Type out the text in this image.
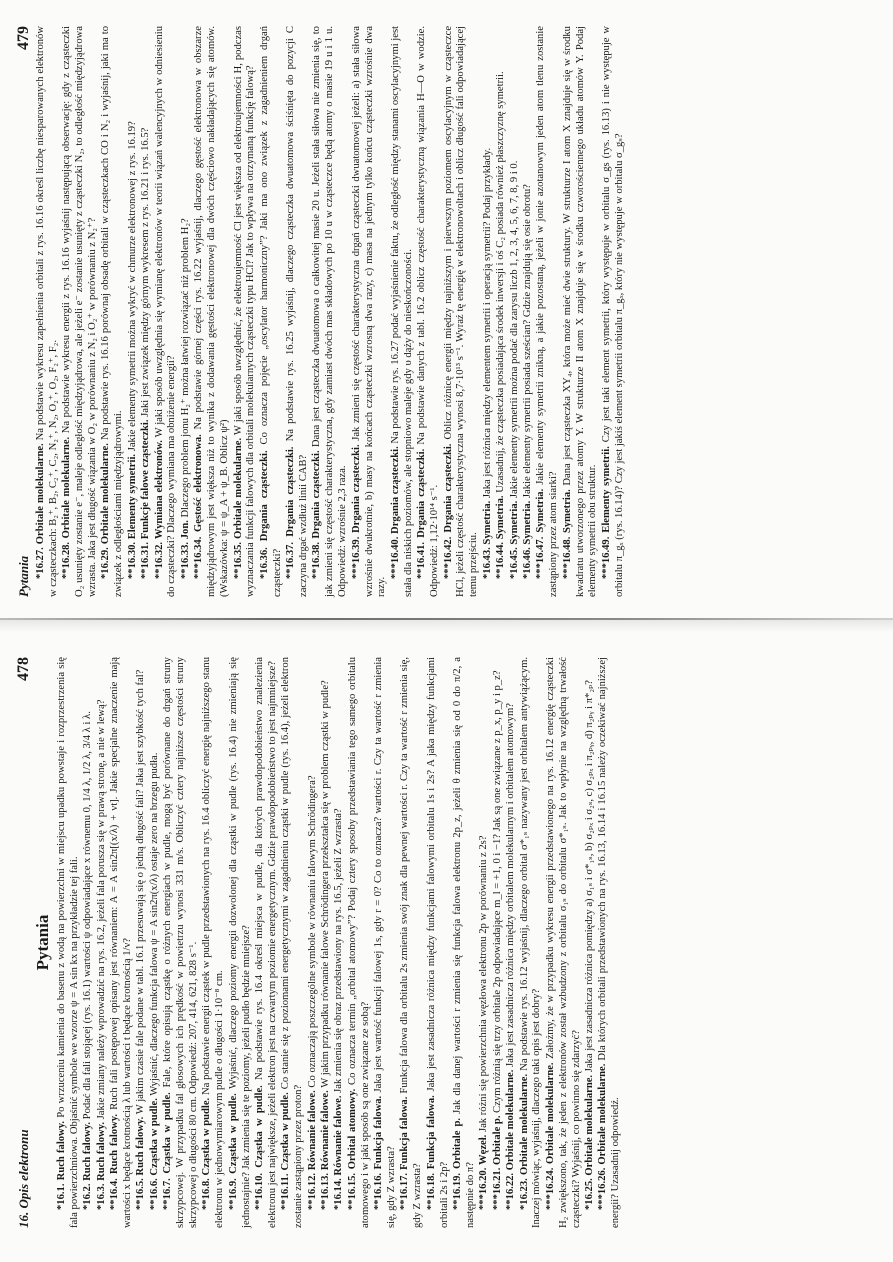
Pytania
479

*16.27. Orbitale molekularne. Na podstawie wykresu zapełnienia orbitali z rys. 16.16 określ liczbę niesparowanych elektronów w cząsteczkach: B₂⁺, B₂, C₂⁺, C₂, N₂⁺, N₂, O₂⁺, O₂, F₂⁺, F₂. **16.28. Orbitale molekularne. Na podstawie wykresu energii z rys. 16.16 wyjaśnij następującą obserwację: gdy z cząsteczki O₂ usunięty zostanie e⁻, maleje odległość międzyjądrowa, ale jeżeli e⁻ zostanie usunięty z cząsteczki N₂, to odległość międzyjądrowa wzrasta. Jaka jest długość wiązania w O₂ w porównaniu z N₂ i O₂⁺ w porównaniu z N₂⁺? *16.29. Orbitale molekularne. Na podstawie rys. 16.16 porównaj obsadę orbitali w cząsteczkach CO i N₂ i wyjaśnij, jaki ma to związek z odległościami międzyjądrowymi. **16.30. Elementy symetrii. Jakie elementy symetrii można wykryć w chmurze elektronowej z rys. 16.19?

**16.31. Funkcje falowe cząsteczki. Jaki jest związek między górnym wykresem z rys. 16.21 i rys. 16.5?

**16.32. Wymiana elektronów. W jaki sposób uwzględnia się wymianę elektronów w teorii wiązań walencyjnych w odniesieniu do cząsteczki? Dlaczego wymiana ma obniżenie energii? **16.33. Jon. Dlaczego problem jonu H₂⁺ można łatwiej rozwiązać niż problem H₂?

***16.34. Gęstość elektronowa. Na podstawie górnej części rys. 16.22 wyjaśnij, dlaczego gęstość elektronowa w obszarze międzyjądrowym jest większa niż to wynika z dodawania gęstości elektronowej dla dwóch częściowo nakładających się atomów. (Wskazówka: ψ = ψ_A + ψ_B. Oblicz ψ²) **16.35. Orbitale molekularne. W jaki sposób uwzględnić, że elektroujemność Cl jest większa od elektroujemności H, podczas wyznaczania funkcji falowych dla orbitali molekularnych cząsteczki typu HCl? Jak to wpływa na otrzymaną funkcję falową? *16.36. Drgania cząsteczki. Co oznacza pojęcie „oscylator harmoniczny”? Jaki ma ono związek z zagadnieniem drgań cząsteczki? **16.37. Drgania cząsteczki. Na podstawie rys. 16.25 wyjaśnij, dlaczego cząsteczka dwuatomowa ściśnięta do pozycji C zaczyna drgać wzdłuż linii CAB? **16.38. Drgania cząsteczki. Dana jest cząsteczka dwuatomowa o całkowitej masie 20 u. Jeżeli stała siłowa nie zmienia się, to jak zmieni się częstość charakterystyczna, gdy zamiast dwóch mas składowych po 10 u w cząsteczce będą atomy o masie 19 u i 1 u. Odpowiedź: wzrośnie 2,3 raza. ***16.39. Drgania cząsteczki. Jak zmieni się częstość charakterystyczna drgań cząsteczki dwuatomowej jeżeli: a) stała siłowa wzrośnie dwukrotnie, b) masy na końcach cząsteczki wzrosną dwa razy, c) masa na jednym tylko końcu cząsteczki wzrośnie dwa razy.

***16.40. Drgania cząsteczki. Na podstawie rys. 16.27 podać wyjaśnienie faktu, że odległość między stanami oscylacyjnymi jest stała dla niskich poziomów, ale stopniowo maleje gdy υ dąży do nieskończoności. **16.41. Drgania cząsteczki. Na podstawie danych z tabl. 16.2 oblicz częstość charakterystyczną wiązania H—O w wodzie. Odpowiedź: 1,12·10¹⁴ s⁻¹. ***16.42. Drgania cząsteczki. Oblicz różnicę energii między najniższym i pierwszym poziomem oscylacyjnym w cząsteczce HCl, jeżeli częstość charakterystyczna wynosi 8,7·10¹³ s⁻¹. Wyraź tę energię w elektronowoltach i oblicz długość fali odpowiadającej temu przejściu. *16.43. Symetria. Jaka jest różnica między elementem symetrii i operacją symetrii? Podaj przykłady.

**16.44. Symetria. Uzasadnij, że cząsteczka posiadająca środek inwersji i oś C₂ posiada również płaszczyznę symetrii.

*16.45. Symetria. Jakie elementy symetrii można podać dla zarysu liczb 1, 2, 3, 4, 5, 6, 7, 8, 9 i 0.

*16.46. Symetria. Jakie elementy symetrii posiada sześcian? Gdzie znajdują się osie obrotu?

***16.47. Symetria. Jakie elementy symetrii znikną, a jakie pozostaną, jeżeli w jonie azotanowym jeden atom tlenu zostanie zastąpiony przez atom siarki? ***16.48. Symetria. Dana jest cząsteczka XY₄, która może mieć dwie struktury. W strukturze I atom X znajduje się w środku kwadratu utworzonego przez atomy Y. W strukturze II atom X znajduje się w środku czworościennego układu atomów Y. Podaj elementy symetrii obu struktur. ***16.49. Elementy symetrii. Czy jest taki element symetrii, który występuje w orbitalu σ_gs (rys. 16.13) i nie występuje w orbitalu π_gₓ (rys. 16.14)? Czy jest jakiś element symetrii orbitalu π_gₓ, który nie występuje w orbitalu σ_gₛ?

16. Opis elektronu
478
Pytania

*16.1. Ruch falowy. Po wrzuceniu kamienia do basenu z wodą na powierzchni w miejscu upadku powstaje i rozprzestrzenia się fala powierzchniowa. Objaśnić symbole we wzorze ψ = A sin kx na przykładzie tej fali. *16.2. Ruch falowy. Podać dla fali stojącej (rys. 16.1) wartości ψ odpowiadające x równemu 0, 1/4 λ, 1/2 λ, 3/4 λ i λ.

*16.3. Ruch falowy. Jakie zmiany należy wprowadzić na rys. 16.2, jeżeli fala porusza się w prawą stronę, a nie w lewą?

**16.4. Ruch falowy. Ruch fali postępowej opisany jest równaniem: A = A sin2π[(x/λ) + νt]. Jakie specjalne znaczenie mają wartości x będące krotnością λ lub wartości t będące krotnością 1/ν? **16.5. Ruch falowy. W jakim czasie fale podane w tabl. 16.1 przesuwają się o jedną długość fali? Jaka jest szybkość tych fal?

**16.6. Cząstka w pudle. Wyjaśnić, dlaczego funkcja falowa ψ = A sin2π(x/λ) ostaje zero na brzegu pudła.

**16.7. Cząstka w pudle. Fale, które opisują cząstkę o różnych energiach w pudle, mogą być porównane do drgań struny skrzypcowej. W przypadku fal głosowych ich prędkość w powietrzu wynosi 331 m/s. Obliczyć cztery najniższe częstości struny skrzypcowej o długości 80 cm. Odpowiedź: 207, 414, 621, 828 s⁻¹. **16.8. Cząstka w pudle. Na podstawie energii cząstek w pudle przedstawionych na rys. 16.4 obliczyć energię najniższego stanu elektronu w jednowymiarowym pudle o długości 1·10⁻⁸ cm. **16.9. Cząstka w pudle. Wyjaśnić, dlaczego poziomy energii dozwolonej dla cząstki w pudle (rys. 16.4) nie zmieniają się jednostajnie? Jak zmienia się te poziomy, jeżeli pudło będzie mniejsze? **16.10. Cząstka w pudle. Na podstawie rys. 16.4 określ miejsca w pudle, dla których prawdopodobieństwo znalezienia elektronu jest największe, jeżeli elektron jest na czwartym poziomie energetycznym. Gdzie prawdopodobieństwo to jest najmniejsze? **16.11. Cząstka w pudle. Co stanie się z poziomami energetycznymi w zagadnieniu cząstki w pudle (rys. 16.4), jeżeli elektron zostanie zastąpiony przez proton? **16.12. Równanie falowe. Co oznaczają poszczególne symbole w równaniu falowym Schrödingera?

**16.13. Równanie falowe. W jakim przypadku równanie falowe Schrödingera przekształca się w problem cząstki w pudle?

*16.14. Równanie falowe. Jak zmienia się obraz przedstawiony na rys. 16.5, jeżeli Z wzrasta?

**16.15. Orbital atomowy. Co oznacza termin „orbital atomowy”? Podaj cztery sposoby przedstawiania tego samego orbitalu atomowego i w jaki sposób są one związane ze sobą? **16.16. Funkcja falowa. Jaka jest wartość funkcji falowej 1s, gdy r = 0? Co to oznacza? wartości r. Czy ta wartość r zmienia się, gdy Z wzrasta? **16.17. Funkcja falowa. Funkcja falowa dla orbitalu 2s zmienia swój znak dla pewnej wartości r. Czy ta wartość r zmienia się, gdy Z wzrasta? **16.18. Funkcja falowa. Jaka jest zasadnicza różnica między funkcjami falowymi orbitalu 1s i 2s? A jaka między funkcjami orbitali 2s i 2p? **16.19. Orbitale p. Jak dla danej wartości r zmienia się funkcja falowa elektronu 2p_z, jeżeli θ zmienia się od 0 do π/2, a następnie do π? ***16.20. Węzeł. Jak różni się powierzchnia węzłowa elektronu 2p w porównaniu z 2s?

***16.21. Orbitale p. Czym różnią się trzy orbitale 2p odpowiadające m_l = +1, 0 i −1? Jak są one związane z p_x, p_y i p_z?

**16.22. Orbitale molekularne. Jaka jest zasadnicza różnica między orbitalem molekularnym i orbitalem atomowym?

*16.23. Orbitale molekularne. Na podstawie rys. 16.12 wyjaśnij, dlaczego orbital σ*₁ₛ nazywany jest orbitalem antywiążącym. Inaczej mówiąc, wyjaśnij, dlaczego taki opis jest dobry? ***16.24. Orbitale molekularne. Założmy, że w przypadku wykresu energii przedstawionego na rys. 16.12 energię cząsteczki H₂ zwiększono, tak, że jeden z elektronów został wzbudzony z orbitalu σ₁ₛ do orbitalu σ*₁ₛ. Jak to wpłynie na względną trwałość cząsteczki? Wyjaśnij, co powinno się zdarzyć? *16.25. Orbitale molekularne. Jaka jest zasadnicza różnica pomiędzy a) σ₁ₛ i σ*₁ₛ, b) σ₂ₚₓ i σ₂ₛ, c) σ₂ₚₓ i π₂ₚᵧ, d) π₂ₚᵧ i π*₂ₚ?

***16.26. Orbitale molekularne. Dla których orbitali przedstawionych na rys. 16.13, 16.14 i 16.15 należy oczekiwać najniższej energii? Uzasadnij odpowiedź.
